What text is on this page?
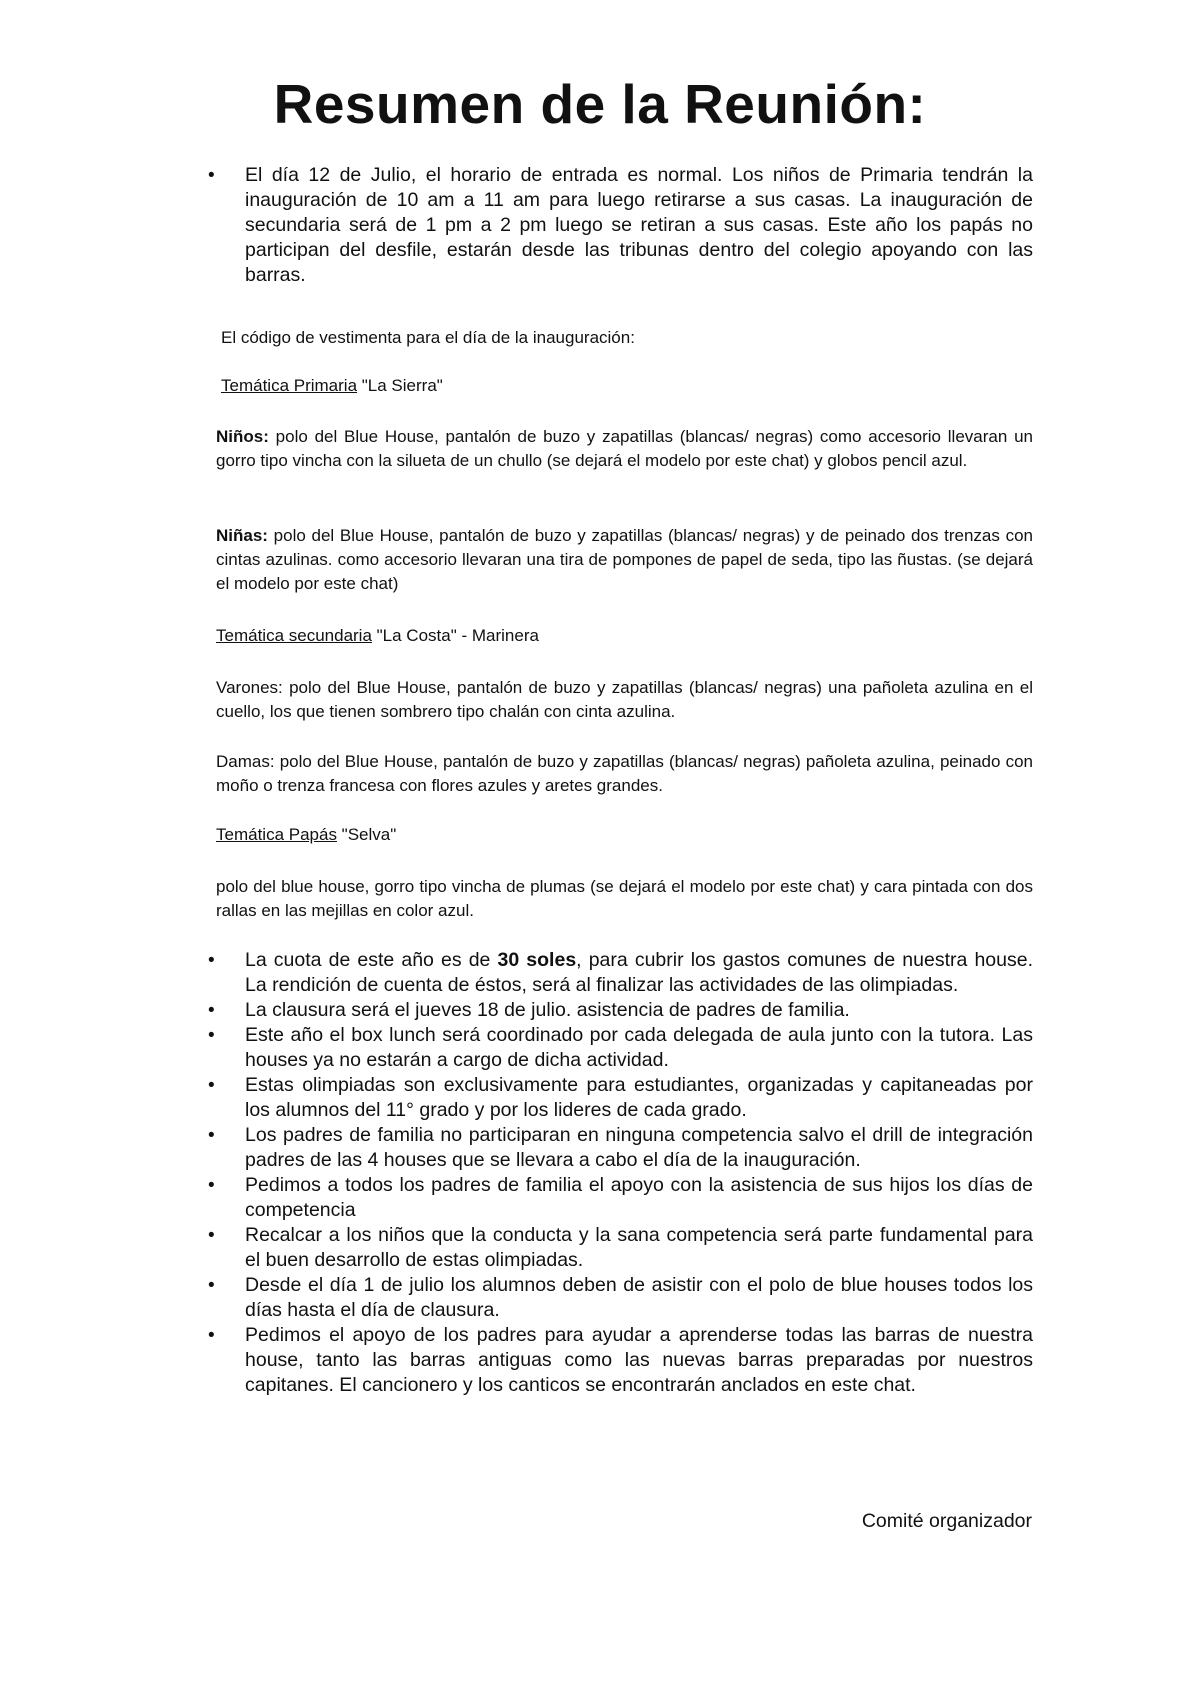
Resumen de la Reunión:
• El día 12 de Julio, el horario de entrada es normal. Los niños de Primaria tendrán la inauguración de 10 am a 11 am para luego retirarse a sus casas. La inauguración de secundaria será de 1 pm a 2 pm luego se retiran a sus casas. Este año los papás no participan del desfile, estarán desde las tribunas dentro del colegio apoyando con las barras.

El código de vestimenta para el día de la inauguración:

Temática Primaria "La Sierra"

Niños: polo del Blue House, pantalón de buzo y zapatillas (blancas/ negras) como accesorio llevaran un gorro tipo vincha con la silueta de un chullo (se dejará el modelo por este chat) y globos pencil azul.

Niñas: polo del Blue House, pantalón de buzo y zapatillas (blancas/ negras) y de peinado dos trenzas con cintas azulinas. como accesorio llevaran una tira de pompones de papel de seda, tipo las ñustas. (se dejará el modelo por este chat)

Temática secundaria "La Costa" - Marinera

Varones: polo del Blue House, pantalón de buzo y zapatillas (blancas/ negras) una pañoleta azulina en el cuello, los que tienen sombrero tipo chalán con cinta azulina.

Damas: polo del Blue House, pantalón de buzo y zapatillas (blancas/ negras) pañoleta azulina, peinado con moño o trenza francesa con flores azules y aretes grandes.

Temática Papás "Selva"

polo del blue house, gorro tipo vincha de plumas (se dejará el modelo por este chat) y cara pintada con dos rallas en las mejillas en color azul.

• La cuota de este año es de 30 soles, para cubrir los gastos comunes de nuestra house. La rendición de cuenta de éstos, será al finalizar las actividades de las olimpiadas.
• La clausura será el jueves 18 de julio. asistencia de padres de familia.
• Este año el box lunch será coordinado por cada delegada de aula junto con la tutora. Las houses ya no estarán a cargo de dicha actividad.
• Estas olimpiadas son exclusivamente para estudiantes, organizadas y capitaneadas por los alumnos del 11° grado y por los lideres de cada grado.
• Los padres de familia no participaran en ninguna competencia salvo el drill de integración padres de las 4 houses que se llevara a cabo el día de la inauguración.
• Pedimos a todos los padres de familia el apoyo con la asistencia de sus hijos los días de competencia
• Recalcar a los niños que la conducta y la sana competencia será parte fundamental para el buen desarrollo de estas olimpiadas.
• Desde el día 1 de julio los alumnos deben de asistir con el polo de blue houses todos los días hasta el día de clausura.
• Pedimos el apoyo de los padres para ayudar a aprenderse todas las barras de nuestra house, tanto las barras antiguas como las nuevas barras preparadas por nuestros capitanes. El cancionero y los canticos se encontrarán anclados en este chat.
Comité organizador
